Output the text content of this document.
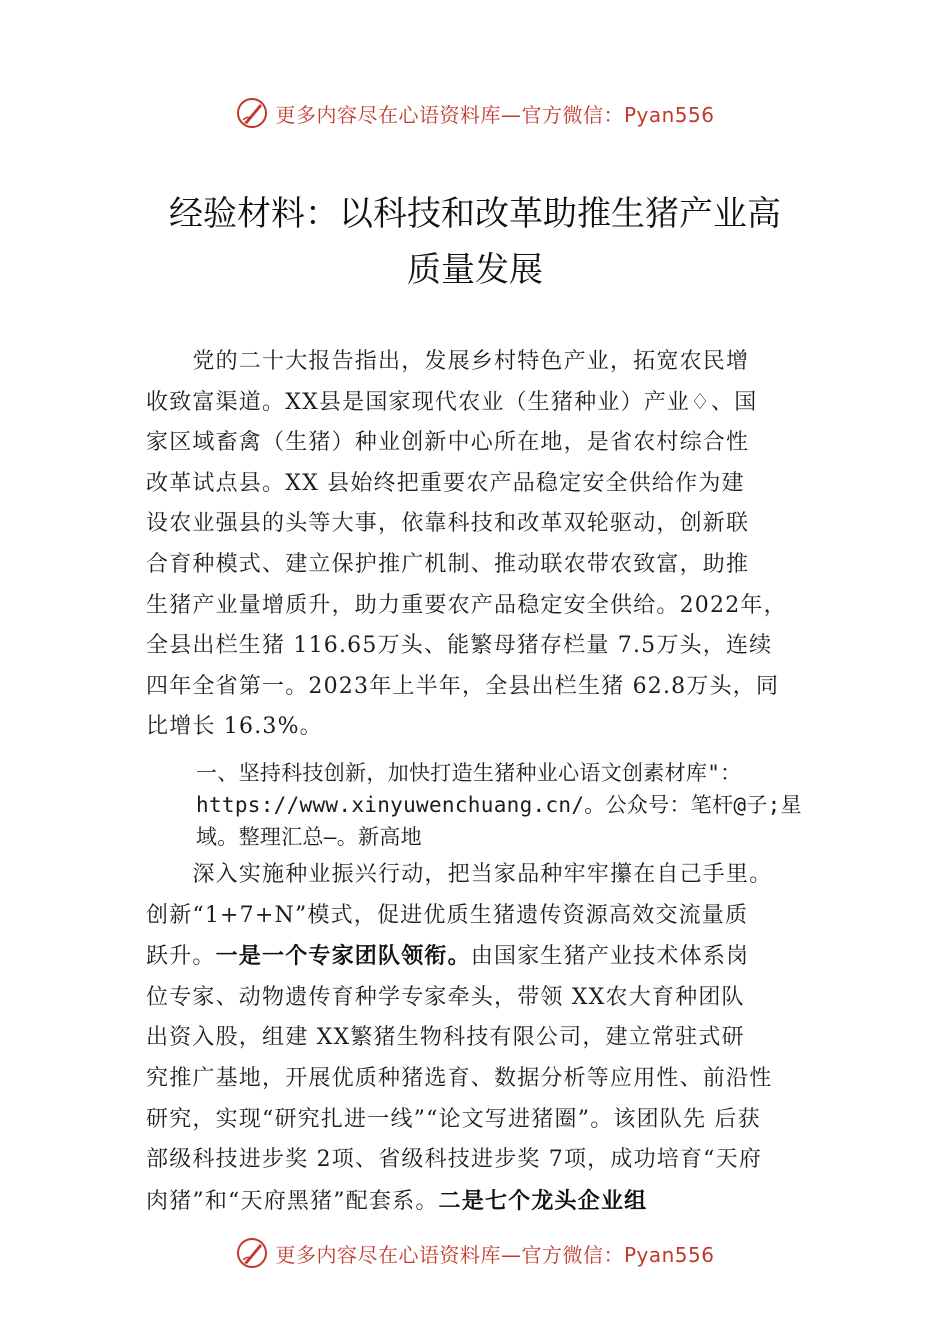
更多内容尽在心语资料库—官方微信：Pyan556
经验材料：以科技和改革助推生猪产业高
质量发展

　　党的二十大报告指出，发展乡村特色产业，拓宽农民增
收致富渠道。XX县是国家现代农业（生猪种业）产业♢、国
家区域畜禽（生猪）种业创新中心所在地，是省农村综合性
改革试点县。XX 县始终把重要农产品稳定安全供给作为建
设农业强县的头等大事，依靠科技和改革双轮驱动，创新联
合育种模式、建立保护推广机制、推动联农带农致富，助推
生猪产业量增质升，助力重要农产品稳定安全供给。2022年，
全县出栏生猪 116.65万头、能繁母猪存栏量 7.5万头，连续
四年全省第一。2023年上半年，全县出栏生猪 62.8万头，同
比增长 16.3%。

一、坚持科技创新，加快打造生猪种业心语文创素材库"：
https://www.xinyuwenchuang.cn/。公众号：笔杆@子;星
域。整理汇总—。新高地

　　深入实施种业振兴行动，把当家品种牢牢攥在自己手里。
创新“1+7+N”模式，促进优质生猪遗传资源高效交流量质
跃升。一是一个专家团队领衔。由国家生猪产业技术体系岗
位专家、动物遗传育种学专家牵头，带领 XX农大育种团队
出资入股，组建 XX繁猪生物科技有限公司，建立常驻式研
究推广基地，开展优质种猪选育、数据分析等应用性、前沿性
研究，实现“研究扎进一线”“论文写进猪圈”。该团队先 后获
部级科技进步奖 2项、省级科技进步奖 7项，成功培育“天府
肉猪”和“天府黑猪”配套系。二是七个龙头企业组

更多内容尽在心语资料库—官方微信：Pyan556
